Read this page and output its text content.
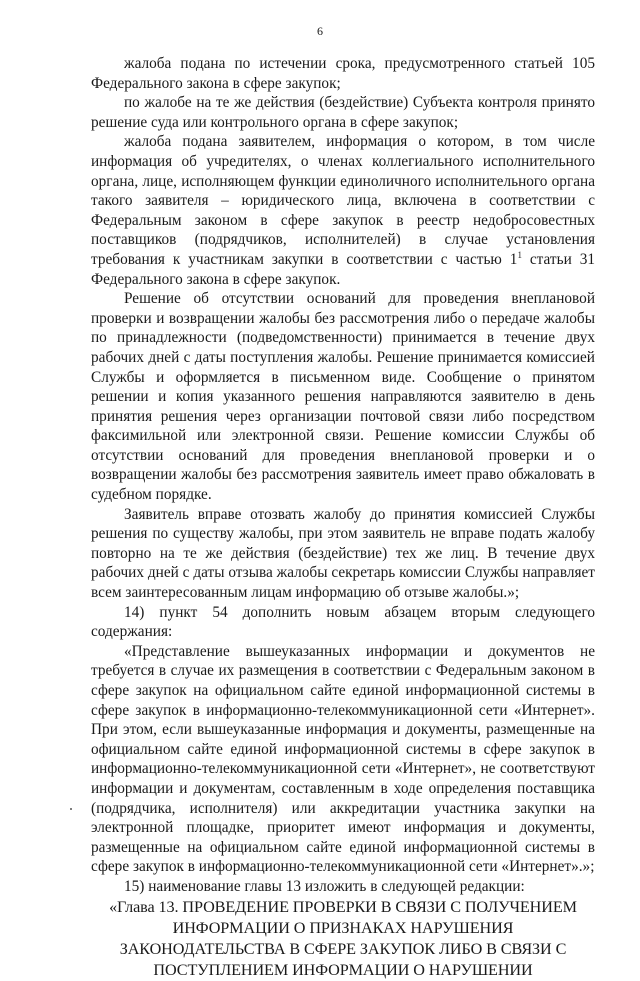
6

жалоба подана по истечении срока, предусмотренного статьей 105 Федерального закона в сфере закупок;

по жалобе на те же действия (бездействие) Субъекта контроля принято решение суда или контрольного органа в сфере закупок;

жалоба подана заявителем, информация о котором, в том числе информация об учредителях, о членах коллегиального исполнительного органа, лице, исполняющем функции единоличного исполнительного органа такого заявителя – юридического лица, включена в соответствии с Федеральным законом в сфере закупок в реестр недобросовестных поставщиков (подрядчиков, исполнителей) в случае установления требования к участникам закупки в соответствии с частью $1^1$ статьи 31 Федерального закона в сфере закупок.

Решение об отсутствии оснований для проведения внеплановой проверки и возвращении жалобы без рассмотрения либо о передаче жалобы по принадлежности (подведомственности) принимается в течение двух рабочих дней с даты поступления жалобы. Решение принимается комиссией Службы и оформляется в письменном виде. Сообщение о принятом решении и копия указанного решения направляются заявителю в день принятия решения через организации почтовой связи либо посредством факсимильной или электронной связи. Решение комиссии Службы об отсутствии оснований для проведения внеплановой проверки и о возвращении жалобы без рассмотрения заявитель имеет право обжаловать в судебном порядке.

Заявитель вправе отозвать жалобу до принятия комиссией Службы решения по существу жалобы, при этом заявитель не вправе подать жалобу повторно на те же действия (бездействие) тех же лиц. В течение двух рабочих дней с даты отзыва жалобы секретарь комиссии Службы направляет всем заинтересованным лицам информацию об отзыве жалобы.»;

14) пункт 54 дополнить новым абзацем вторым следующего содержания:

«Представление вышеуказанных информации и документов не требуется в случае их размещения в соответствии с Федеральным законом в сфере закупок на официальном сайте единой информационной системы в сфере закупок в информационно-телекоммуникационной сети «Интернет». При этом, если вышеуказанные информация и документы, размещенные на официальном сайте единой информационной системы в сфере закупок в информационно-телекоммуникационной сети «Интернет», не соответствуют информации и документам, составленным в ходе определения поставщика (подрядчика, исполнителя) или аккредитации участника закупки на электронной площадке, приоритет имеют информация и документы, размещенные на официальном сайте единой информационной системы в сфере закупок в информационно-телекоммуникационной сети «Интернет».»;

15) наименование главы 13 изложить в следующей редакции:

«Глава 13. ПРОВЕДЕНИЕ ПРОВЕРКИ В СВЯЗИ С ПОЛУЧЕНИЕМ

ИНФОРМАЦИИ О ПРИЗНАКАХ НАРУШЕНИЯ

ЗАКОНОДАТЕЛЬСТВА В СФЕРЕ ЗАКУПОК ЛИБО В СВЯЗИ С

ПОСТУПЛЕНИЕМ ИНФОРМАЦИИ О НАРУШЕНИИ
